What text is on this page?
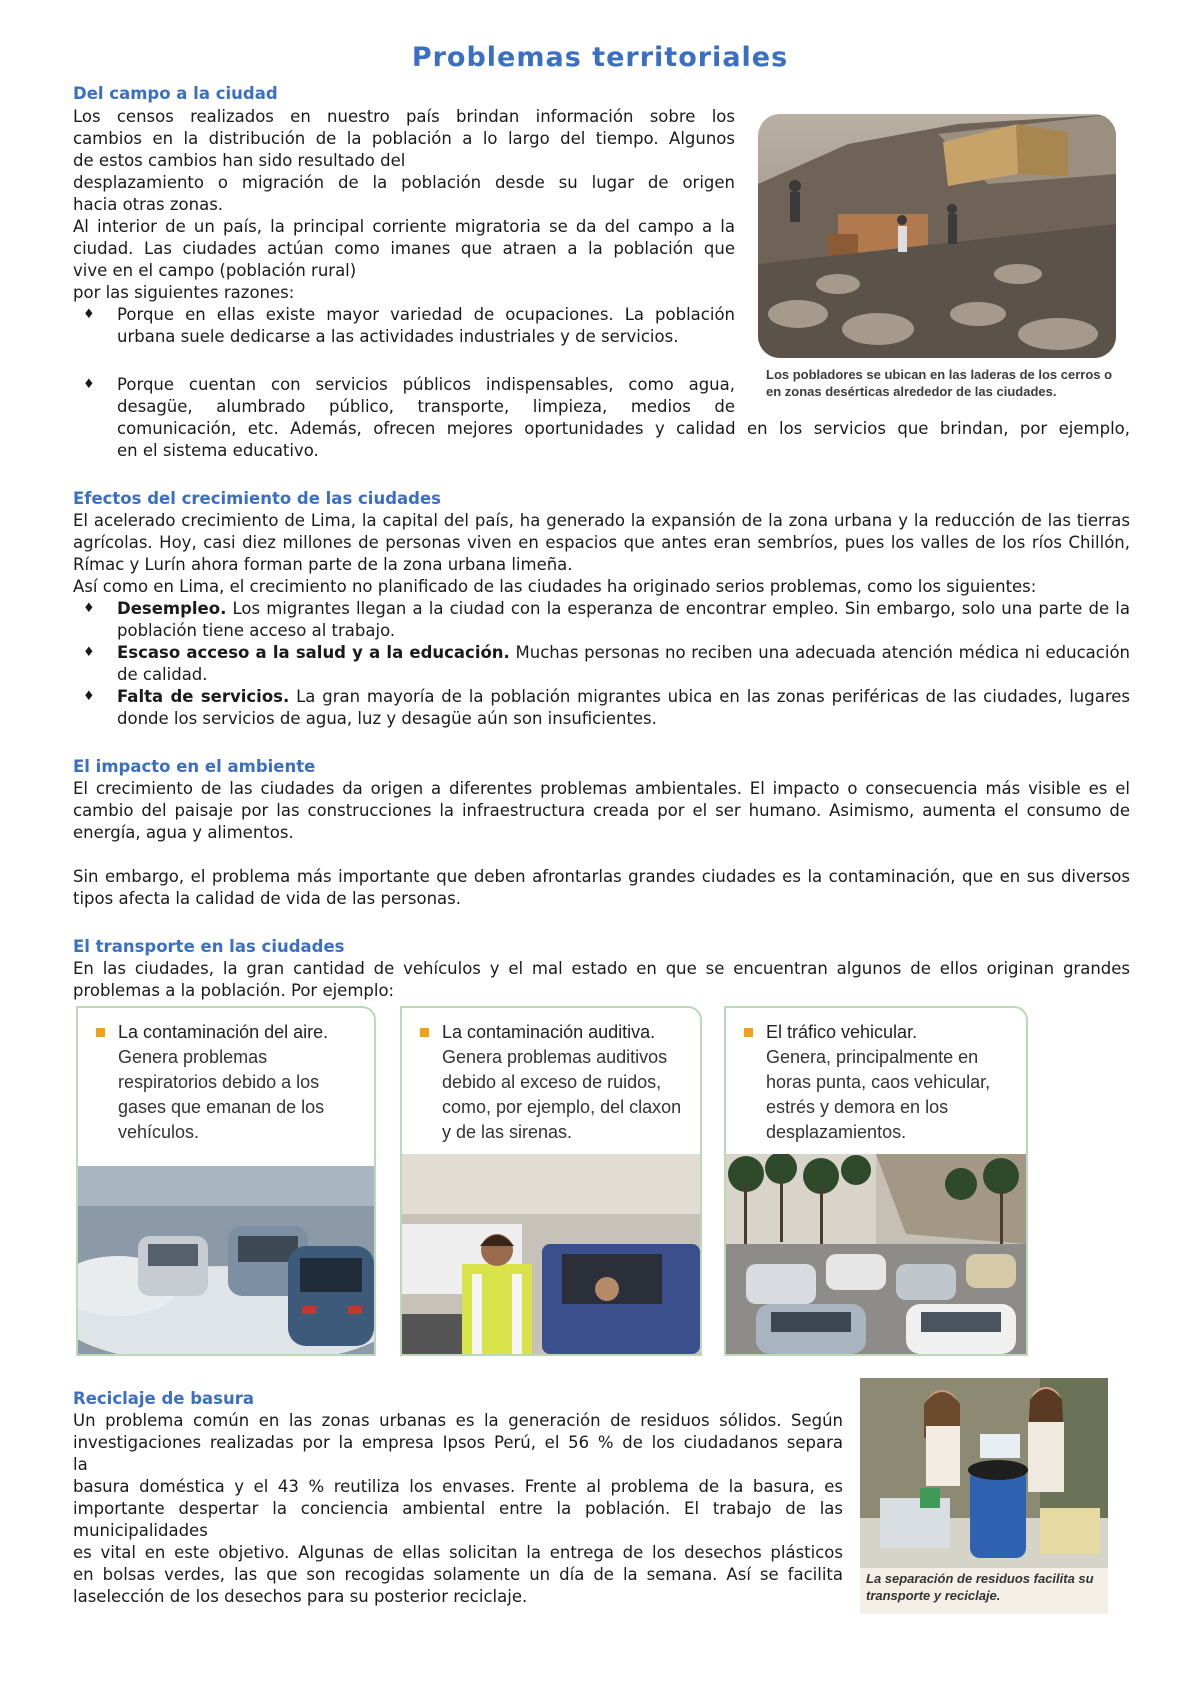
Problemas territoriales
Del campo a la ciudad
Los censos realizados en nuestro país brindan información sobre los
cambios en la distribución de la población a lo largo del tiempo. Algunos
de estos cambios han sido resultado del
desplazamiento o migración de la población desde su lugar de origen
hacia otras zonas.
Al interior de un país, la principal corriente migratoria se da del campo a la
ciudad. Las ciudades actúan como imanes que atraen a la población que
vive en el campo (población rural)
por las siguientes razones:
♦ Porque en ellas existe mayor variedad de ocupaciones. La población urbana suele dedicarse a las actividades industriales y de servicios.
♦ Porque cuentan con servicios públicos indispensables, como agua,
desagüe, alumbrado público, transporte, limpieza, medios de
comunicación, etc. Además, ofrecen mejores oportunidades y calidad en los servicios que brindan, por ejemplo,
en el sistema educativo.
Los pobladores se ubican en las laderas de los cerros o en zonas desérticas alrededor de las ciudades.
Efectos del crecimiento de las ciudades
El acelerado crecimiento de Lima, la capital del país, ha generado la expansión de la zona urbana y la reducción de las tierras agrícolas. Hoy, casi diez millones de personas viven en espacios que antes eran sembríos, pues los valles de los ríos Chillón, Rímac y Lurín ahora forman parte de la zona urbana limeña.
Así como en Lima, el crecimiento no planificado de las ciudades ha originado serios problemas, como los siguientes:
♦ Desempleo. Los migrantes llegan a la ciudad con la esperanza de encontrar empleo. Sin embargo, solo una parte de la población tiene acceso al trabajo.
♦ Escaso acceso a la salud y a la educación. Muchas personas no reciben una adecuada atención médica ni educación de calidad.
♦ Falta de servicios. La gran mayoría de la población migrantes ubica en las zonas periféricas de las ciudades, lugares donde los servicios de agua, luz y desagüe aún son insuficientes.
El impacto en el ambiente
El crecimiento de las ciudades da origen a diferentes problemas ambientales. El impacto o consecuencia más visible es el cambio del paisaje por las construcciones la infraestructura creada por el ser humano. Asimismo, aumenta el consumo de energía, agua y alimentos.
Sin embargo, el problema más importante que deben afrontarlas grandes ciudades es la contaminación, que en sus diversos tipos afecta la calidad de vida de las personas.
El transporte en las ciudades
En las ciudades, la gran cantidad de vehículos y el mal estado en que se encuentran algunos de ellos originan grandes problemas a la población. Por ejemplo:
La contaminación del aire.
Genera problemas respiratorios debido a los gases que emanan de los vehículos.
La contaminación auditiva.
Genera problemas auditivos debido al exceso de ruidos, como, por ejemplo, del claxon y de las sirenas.
El tráfico vehicular.
Genera, principalmente en horas punta, caos vehicular, estrés y demora en los desplazamientos.
Reciclaje de basura
Un problema común en las zonas urbanas es la generación de residuos sólidos. Según
investigaciones realizadas por la empresa Ipsos Perú, el 56 % de los ciudadanos separa
la
basura doméstica y el 43 % reutiliza los envases. Frente al problema de la basura, es
importante despertar la conciencia ambiental entre la población. El trabajo de las
municipalidades
es vital en este objetivo. Algunas de ellas solicitan la entrega de los desechos plásticos
en bolsas verdes, las que son recogidas solamente un día de la semana. Así se facilita
laselección de los desechos para su posterior reciclaje.
La separación de residuos facilita su transporte y reciclaje.
